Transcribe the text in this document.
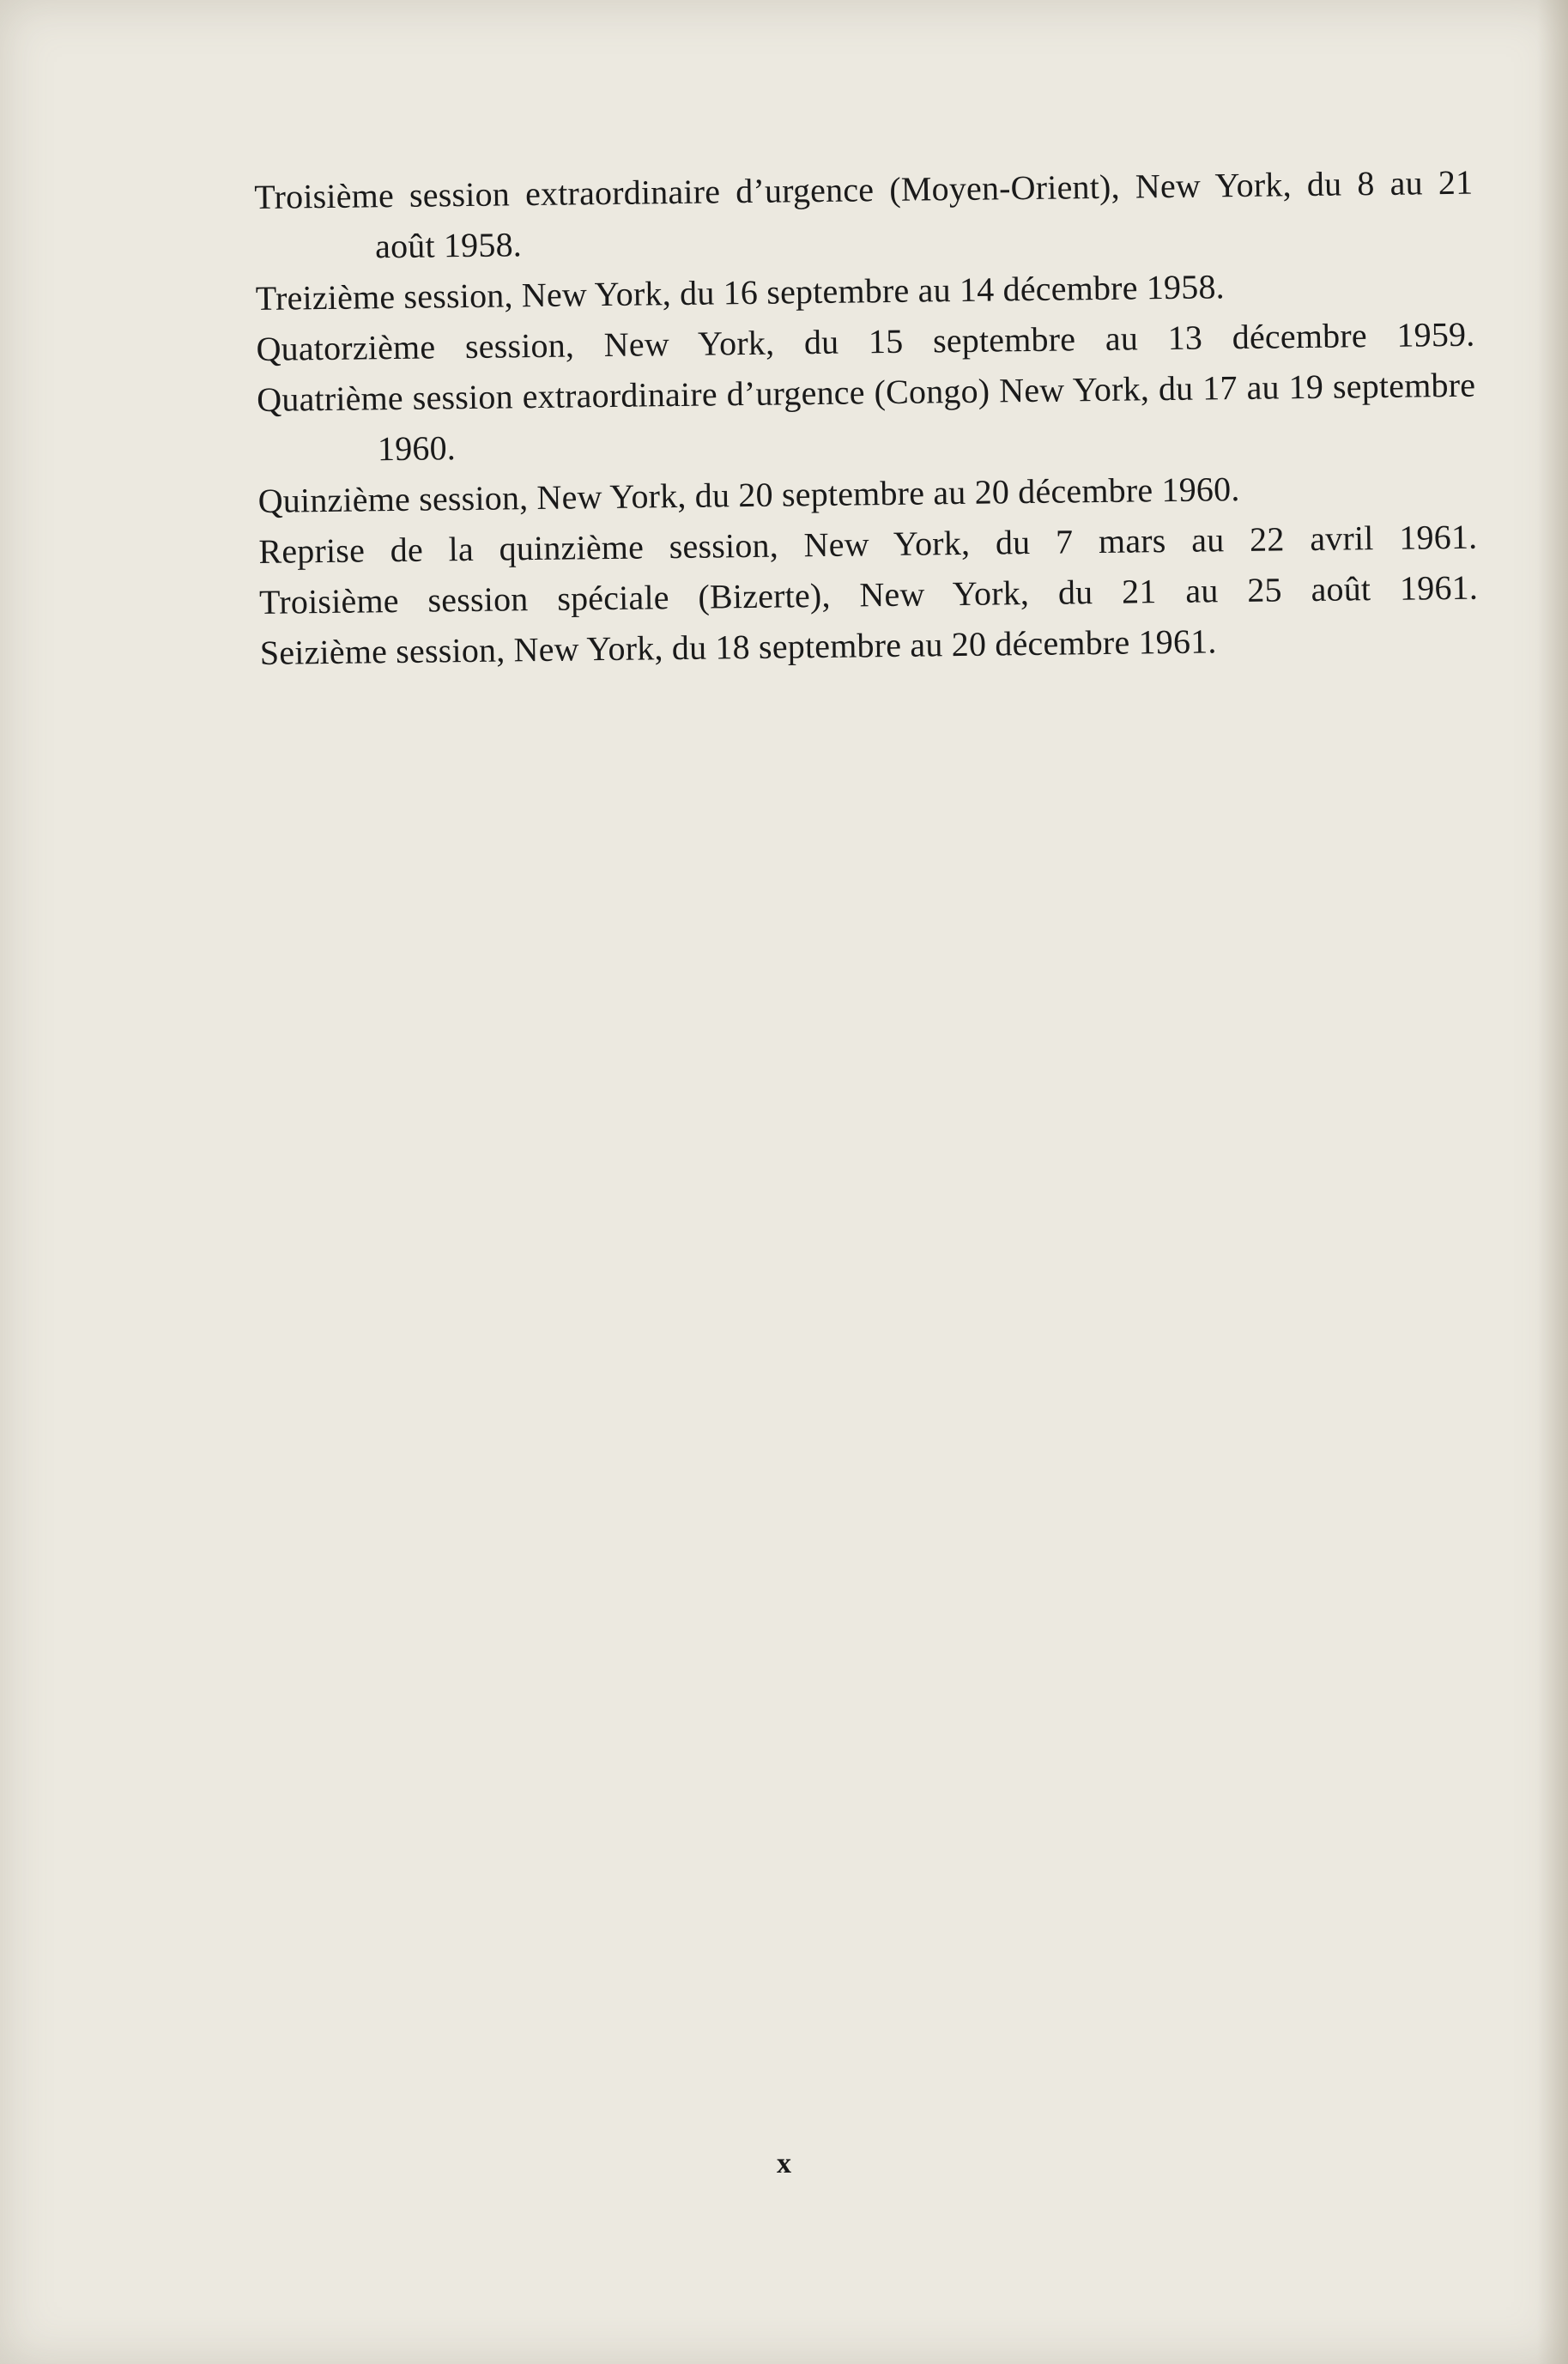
Troisième session extraordinaire d’urgence (Moyen-Orient), New York, du 8 au 21 août 1958.

Treizième session, New York, du 16 septembre au 14 décembre 1958.

Quatorzième session, New York, du 15 septembre au 13 décembre 1959.

Quatrième session extraordinaire d’urgence (Congo) New York, du 17 au 19 septembre 1960.

Quinzième session, New York, du 20 septembre au 20 décembre 1960.

Reprise de la quinzième session, New York, du 7 mars au 22 avril 1961.

Troisième session spéciale (Bizerte), New York, du 21 au 25 août 1961.

Seizième session, New York, du 18 septembre au 20 décembre 1961.

x
